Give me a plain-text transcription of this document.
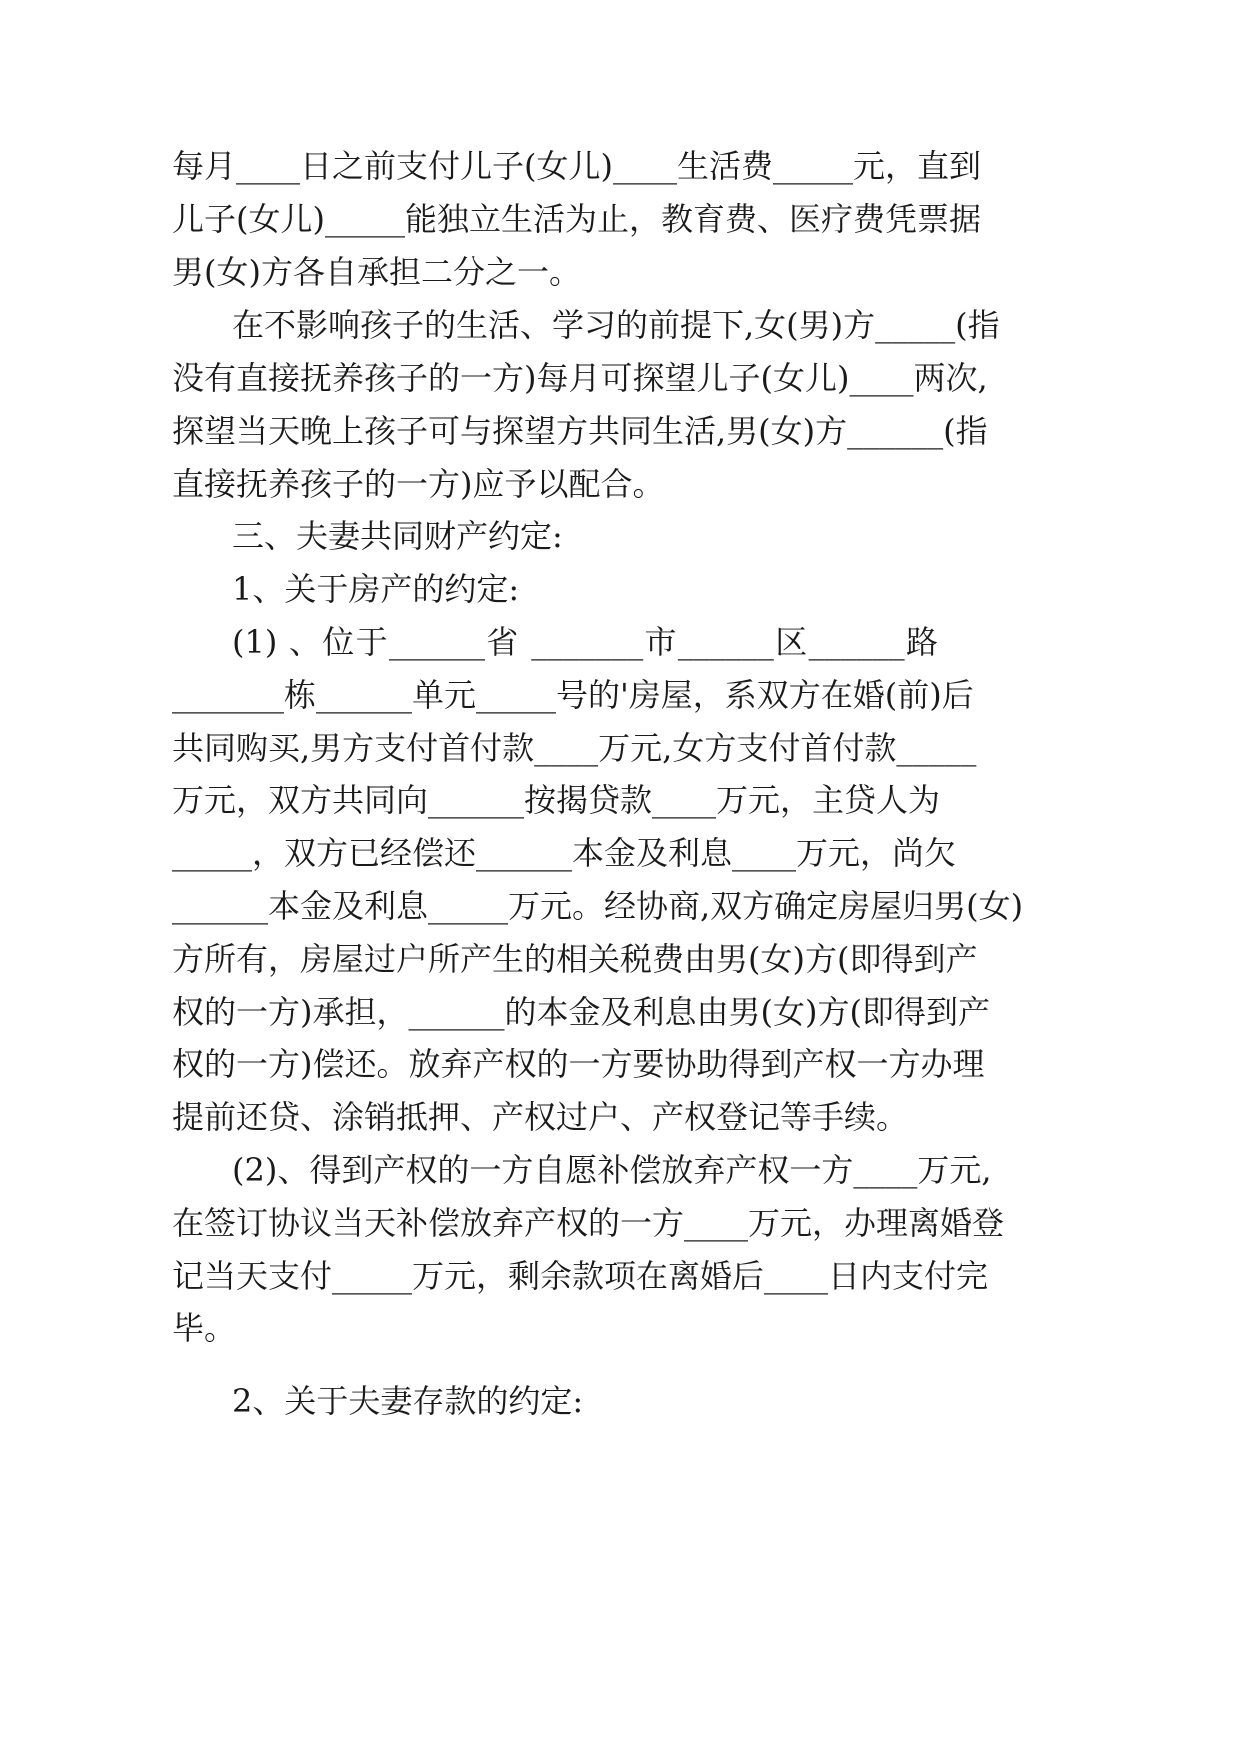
每月____日之前支付儿子(女儿)____生活费_____元，直到
儿子(女儿)_____能独立生活为止，教育费、医疗费凭票据
男(女)方各自承担二分之一。
在不影响孩子的生活、学习的前提下,女(男)方_____(指
没有直接抚养孩子的一方)每月可探望儿子(女儿)____两次,
探望当天晚上孩子可与探望方共同生活,男(女)方______(指
直接抚养孩子的一方)应予以配合。
三、夫妻共同财产约定:
1、关于房产的约定:
(1) 、位于______省 _______市______区______路
_______栋______单元_____号的'房屋，系双方在婚(前)后
共同购买,男方支付首付款____万元,女方支付首付款_____
万元，双方共同向______按揭贷款____万元，主贷人为
_____，双方已经偿还______本金及利息____万元，尚欠
______本金及利息_____万元。经协商,双方确定房屋归男(女)
方所有，房屋过户所产生的相关税费由男(女)方(即得到产
权的一方)承担，______的本金及利息由男(女)方(即得到产
权的一方)偿还。放弃产权的一方要协助得到产权一方办理
提前还贷、涂销抵押、产权过户、产权登记等手续。
(2)、得到产权的一方自愿补偿放弃产权一方____万元,
在签订协议当天补偿放弃产权的一方____万元，办理离婚登
记当天支付_____万元，剩余款项在离婚后____日内支付完
毕。
2、关于夫妻存款的约定:
